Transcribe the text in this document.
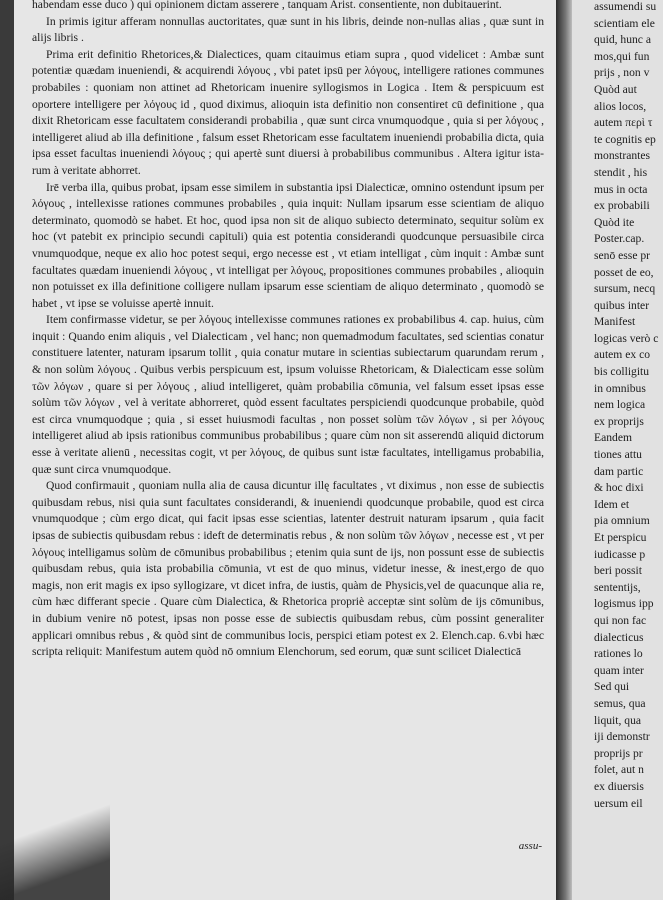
habendam esse duco ) qui opinionem dictam asserere , tanquam Arist. consentiente, non dubitauerint.

In primis igitur afferam nonnullas auctoritates, quæ sunt in his libris, deinde non-nullas alias , quæ sunt in alijs libris .

Prima erit definitio Rhetorices,& Dialectices, quam citauimus etiam supra , quod videlicet : Ambæ sunt potentiæ quædam inueniendi, & acquirendi λόγους , vbi patet ipsū per λόγους, intelligere rationes communes probabiles : quoniam non attinet ad Rhetoricam inuenire syllogismos in Logica . Item & perspicuum est oportere intelligere per λόγους id , quod diximus, alioquin ista definitio non consentiret cū definitione , qua dixit Rhetoricam esse facultatem considerandi probabilia , quæ sunt circa vnumquodque , quia si per λόγους , intelligeret aliud ab illa definitione , falsum esset Rhetoricam esse facultatem inueniendi probabilia dicta, quia ipsa esset facultas inueniendi λόγους ; qui apertè sunt diuersi à probabilibus communibus . Altera igitur ista-rum à veritate abhorret.

Irē verba illa, quibus probat, ipsam esse similem in substantia ipsi Dialecticæ, omnino ostendunt ipsum per λόγους , intellexisse rationes communes probabiles , quia inquit: Nullam ipsarum esse scientiam de aliquo determinato, quomodò se habet. Et hoc, quod ipsa non sit de aliquo subiecto determinato, sequitur solùm ex hoc (vt patebit ex principio secundi capituli) quia est potentia considerandi quodcunque persuasibile circa vnumquodque, neque ex alio hoc potest sequi, ergo necesse est , vt etiam intelligat , cùm inquit : Ambæ sunt facultates quædam inueniendi λόγους , vt intelligat per λόγους, propositiones communes probabiles , alioquin non potuisset ex illa definitione colligere nullam ipsarum esse scientiam de aliquo determinato , quomodò se habet , vt ipse se voluisse apertè innuit.

Item confirmasse videtur, se per λόγους intellexisse communes rationes ex probabilibus 4. cap. huius, cùm inquit : Quando enim aliquis , vel Dialecticam , vel hanc; non quemadmodum facultates, sed scientias conatur constituere latenter, naturam ipsarum tollit , quia conatur mutare in scientias subiectarum quarundam rerum , & non solùm λόγους . Quibus verbis perspicuum est, ipsum voluisse Rhetoricam, & Dialecticam esse solùm τῶν λόγων , quare si per λόγους , aliud intelligeret, quàm probabilia cōmunia, vel falsum esset ipsas esse solùm τῶν λόγων , vel à veritate abhorreret, quòd essent facultates perspiciendi quodcunque probabile, quòd est circa vnumquodque ; quia , si esset huiusmodi facultas , non posset solùm τῶν λόγων , si per λόγους intelligeret aliud ab ipsis rationibus communibus probabilibus ; quare cùm non sit asserendū aliquid dictorum esse à veritate alienū , necessitas cogit, vt per λόγους, de quibus sunt istæ facultates, intelligamus probabilia, quæ sunt circa vnumquodque.

Quod confirmauit , quoniam nulla alia de causa dicuntur illę facultates , vt diximus , non esse de subiectis quibusdam rebus, nisi quia sunt facultates considerandi, & inueniendi quodcunque probabile, quod est circa vnumquodque ; cùm ergo dicat, qui facit ipsas esse scientias, latenter destruit naturam ipsarum , quia facit ipsas de subiectis quibusdam rebus : ideft de determinatis rebus , & non solùm τῶν λόγων , necesse est , vt per λόγους intelligamus solùm de cōmunibus probabilibus ; etenim quia sunt de ijs, non possunt esse de subiectis quibusdam rebus, quia ista probabilia cōmunia, vt est de quo minus, videtur inesse, & inest,ergo de quo magis, non erit magis ex ipso syllogizare, vt dicet infra, de iustis, quàm de Physicis,vel de quacunque alia re, cùm hæc differant specie . Quare cùm Dialectica, & Rhetorica propriè acceptæ sint solùm de ijs cōmunibus, in dubium venire nō potest, ipsas non posse esse de subiectis quibusdam rebus, cùm possint generaliter applicari omnibus rebus , & quòd sint de communibus locis, perspici etiam potest ex 2. Elench.cap. 6.vbi hæc scripta reliquit: Manifestum autem quòd nō omnium Elenchorum, sed eorum, quæ sunt scilicet Dialecticā

assu-
assumendi su
scientiam ele
quid, hunc a
mos,qui fun
prijs , non v
Quòd aut
alios locos,
autem περὶ τ
te cognitis ep
monstrantes
stendit , his
mus in octa
ex probabili
Quòd ite
Poster.cap.
senō esse pr
posset de eo,
sursum, necq
quibus inter
Manifest
logicas verò c
autem ex co
bis colligitu
in omnibus
nem logica
ex proprijs
Eandem
tiones attu
dam partic
& hoc dixi
Idem et
pia omnium
Et perspicu
iudicasse p
beri possit
sententijs,
logismus ipp
qui non fac
dialecticus
rationes lo
quam inter
Sed qui
semus, qua
liquit, qua
iji demonstr
proprijs pr
folet, aut n
ex diuersis
uersum eil
